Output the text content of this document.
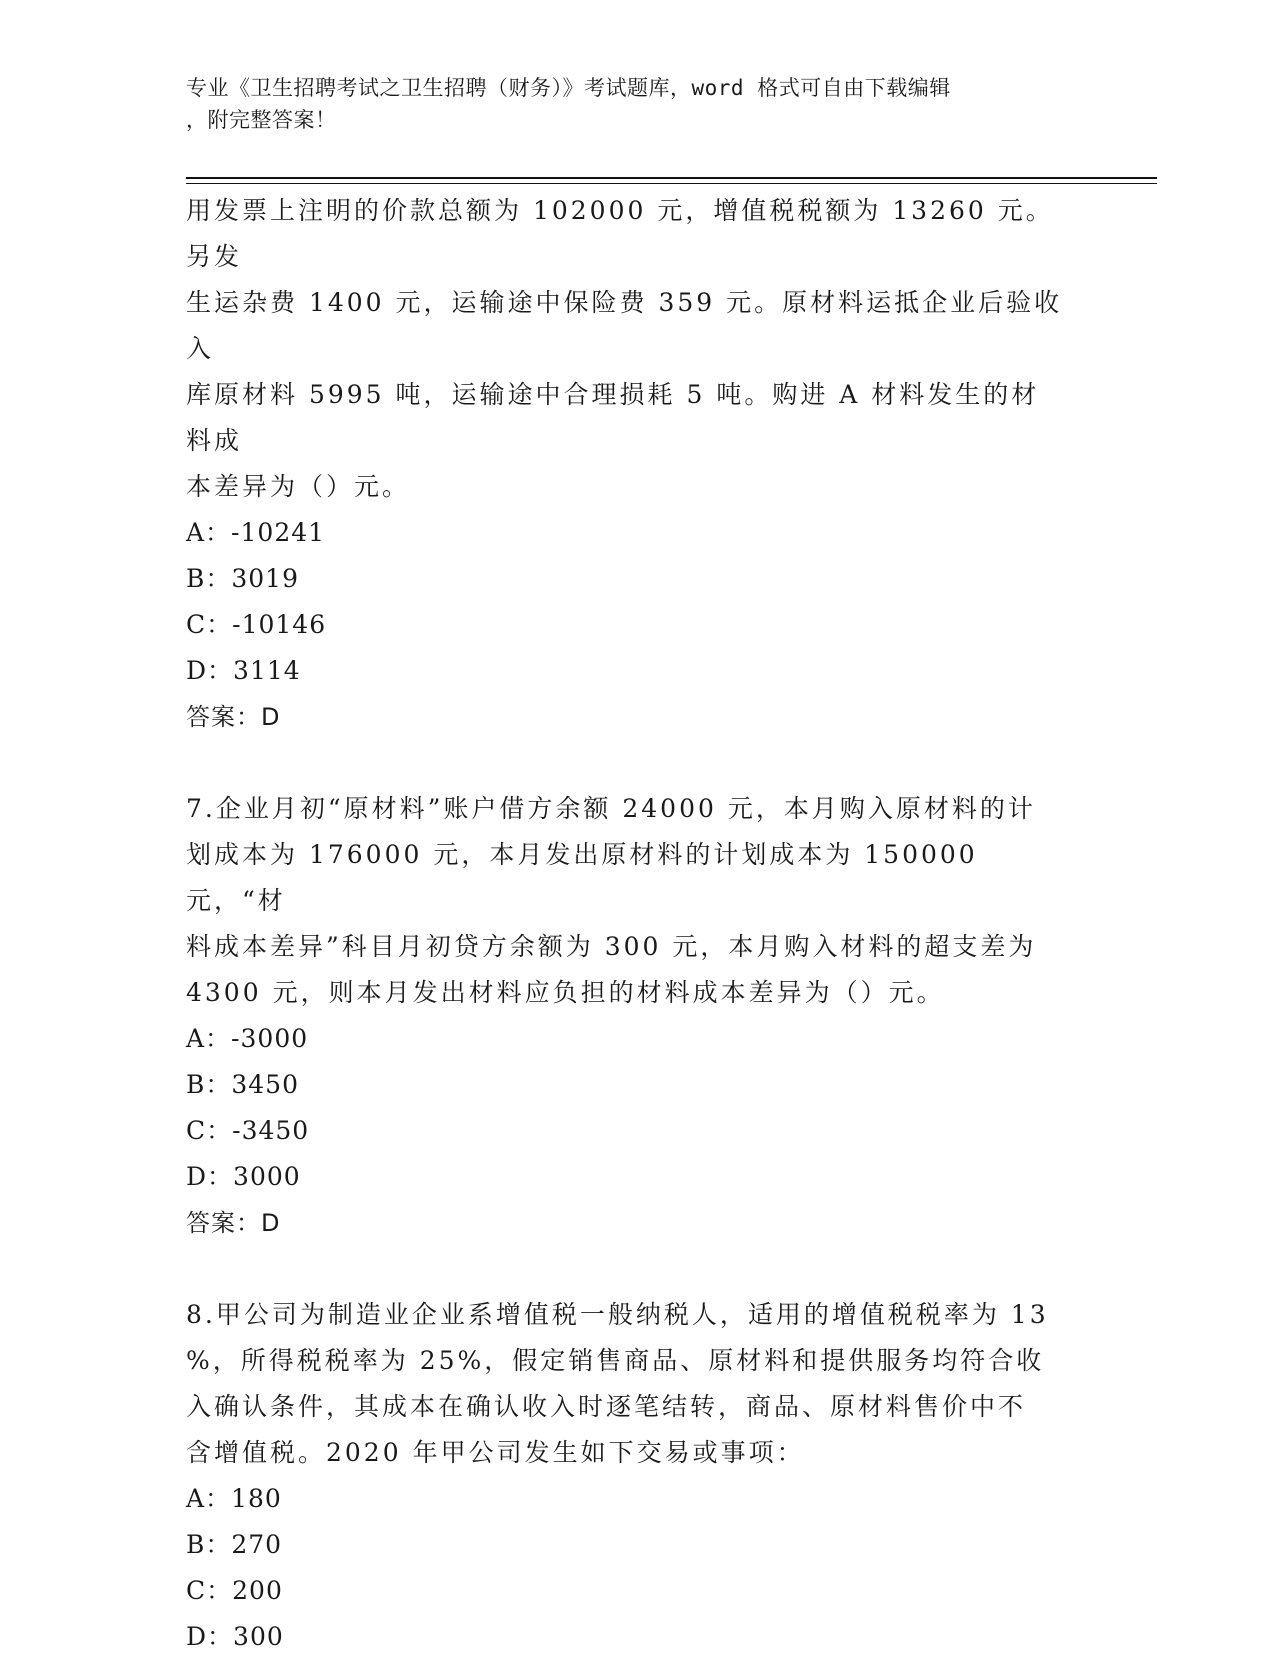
专业《卫生招聘考试之卫生招聘（财务）》考试题库，word 格式可自由下载编辑
，附完整答案！

用发票上注明的价款总额为 102000 元，增值税税额为 13260 元。另发

生运杂费 1400 元，运输途中保险费 359 元。原材料运抵企业后验收入

库原材料 5995 吨，运输途中合理损耗 5 吨。购进 A 材料发生的材料成

本差异为（）元。

A：-10241

B：3019

C：-10146

D：3114

答案：D

7.企业月初“原材料”账户借方余额 24000 元，本月购入原材料的计

划成本为 176000 元，本月发出原材料的计划成本为 150000 元，“材

料成本差异”科目月初贷方余额为 300 元，本月购入材料的超支差为

4300 元，则本月发出材料应负担的材料成本差异为（）元。

A：-3000

B：3450

C：-3450

D：3000

答案：D

8.甲公司为制造业企业系增值税一般纳税人，适用的增值税税率为 13

%，所得税税率为 25%，假定销售商品、原材料和提供服务均符合收

入确认条件，其成本在确认收入时逐笔结转，商品、原材料售价中不

含增值税。2020 年甲公司发生如下交易或事项：

A：180

B：270

C：200

D：300
